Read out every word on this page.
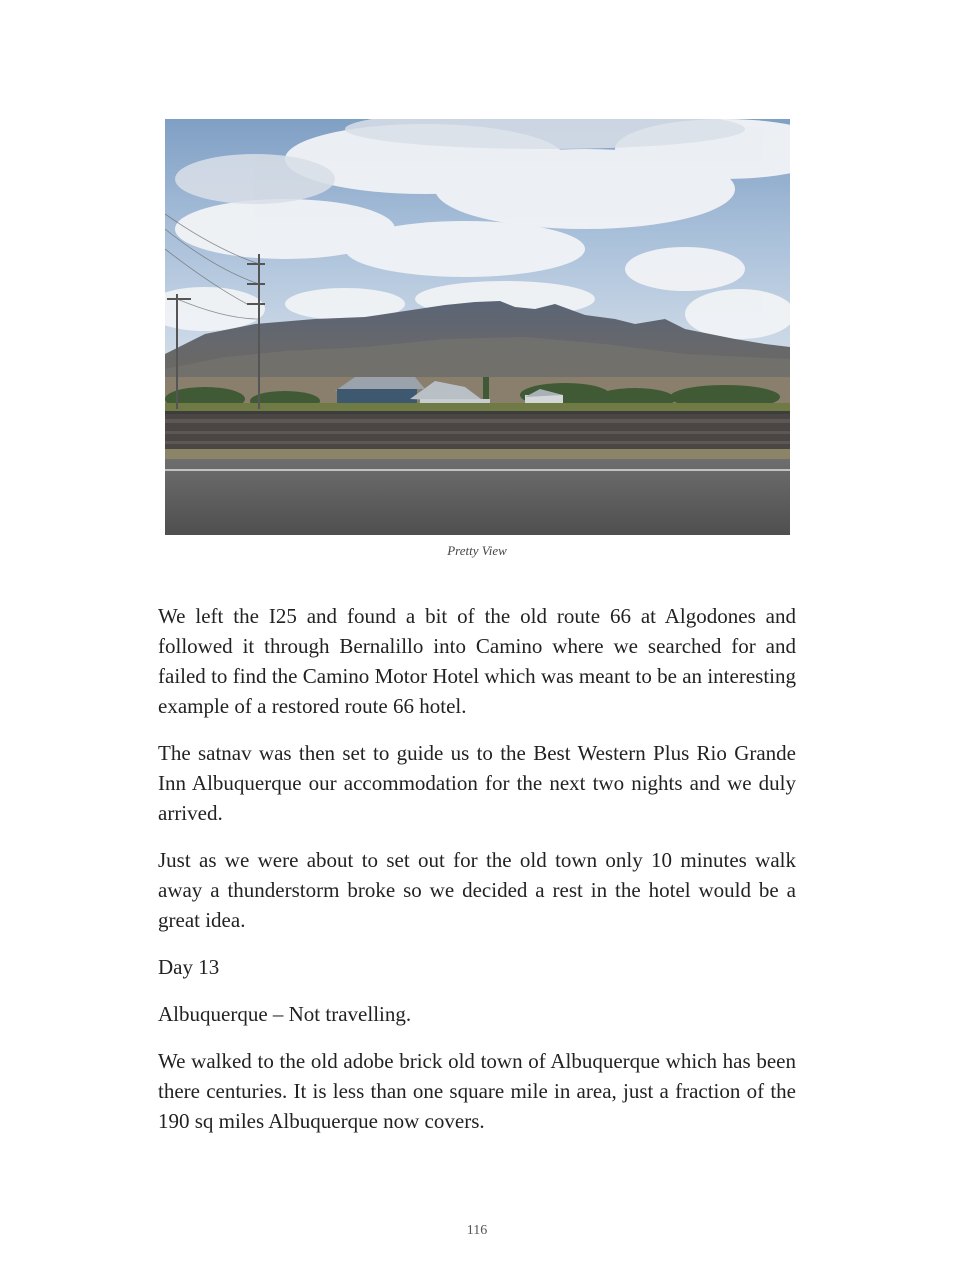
Pretty View

We left the I25 and found a bit of the old route 66 at Algodones and followed it through Bernalillo into Camino where we searched for and failed to find the Camino Motor Hotel which was meant to be an interesting example of a restored route 66 hotel.

The satnav was then set to guide us to the Best Western Plus Rio Grande Inn Albuquerque our accommodation for the next two nights and we duly arrived.

Just as we were about to set out for the old town only 10 minutes walk away a thunderstorm broke so we decided a rest in the hotel would be a great idea.

Day 13

Albuquerque – Not travelling.

We walked to the old adobe brick old town of Albuquerque which has been there centuries. It is less than one square mile in area, just a fraction of the 190 sq miles Albuquerque now covers.

116
